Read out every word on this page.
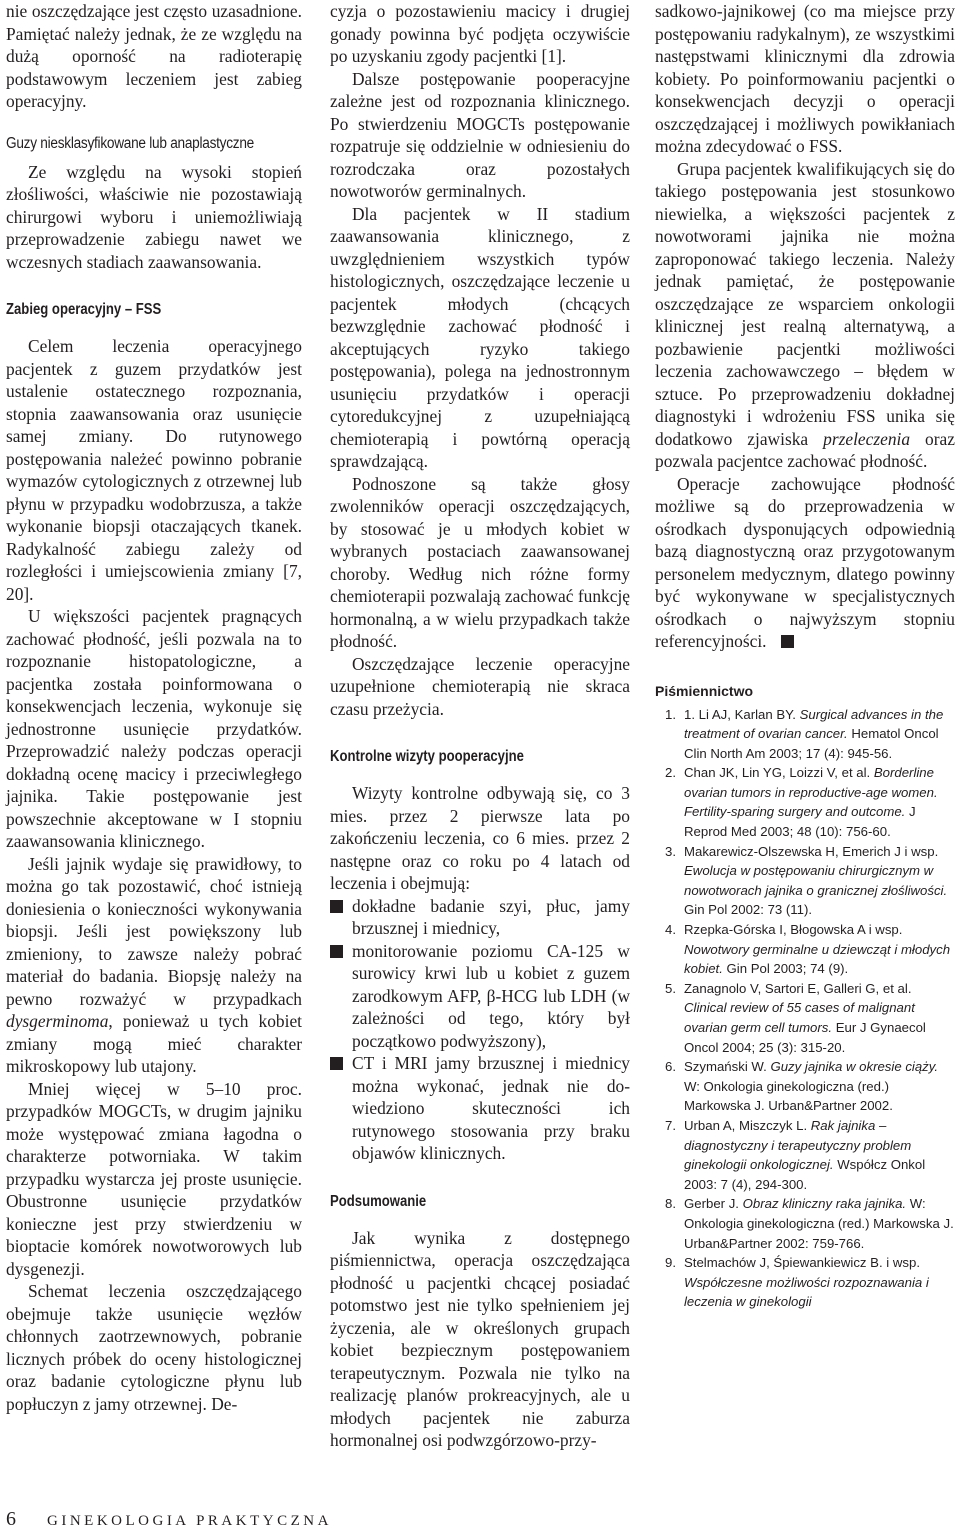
nie oszczędzające jest często uzasadnione. Pamiętać należy jednak, że ze względu na dużą oporność na radioterapię podstawowym leczeniem jest zabieg operacyjny.

Guzy niesklasyfikowane lub anaplastyczne

Ze względu na wysoki stopień złośliwości, właściwie nie pozostawiają chirurgowi wyboru i uniemożliwiają przeprowadzenie zabiegu nawet we wczesnych stadiach zaawansowania.

Zabieg operacyjny – FSS

Celem leczenia operacyjnego pacjentek z guzem przydatków jest ustalenie ostatecznego rozpoznania, stopnia zaawansowania oraz usunięcie samej zmiany. Do rutynowego postępowania należeć powinno pobranie wymazów cytologicznych z otrzewnej lub płynu w przypadku wodobrzusza, a także wykonanie biopsji otaczających tkanek. Radykalność zabiegu zależy od rozległości i umiejscowienia zmiany [7, 20].

U większości pacjentek pragnących zachować płodność, jeśli pozwala na to rozpoznanie histopatologiczne, a pacjentka została poinformowana o konsekwencjach leczenia, wykonuje się jednostronne usunięcie przydatków. Przeprowadzić należy podczas operacji dokładną ocenę macicy i przeciwległego jajnika. Takie postępowanie jest powszechnie akceptowane w I stopniu zaawansowania klinicznego.

Jeśli jajnik wydaje się prawidłowy, to można go tak pozostawić, choć istnieją doniesienia o konieczności wykonywania biopsji. Jeśli jest powiększony lub zmieniony, to zawsze należy pobrać materiał do badania. Biopsję należy na pewno rozważyć w przypadkach dysgerminoma, ponieważ u tych kobiet zmiany mogą mieć charakter mikroskopowy lub utajony.

Mniej więcej w 5–10 proc. przypadków MOGCTs, w drugim jajniku może występować zmiana łagodna o charakterze potworniaka. W takim przypadku wystarcza jej proste usunięcie. Obustronne usunięcie przydatków konieczne jest przy stwierdzeniu w bioptacie komórek nowotworowych lub dysgenezji.

Schemat leczenia oszczędzającego obejmuje także usunięcie węzłów chłonnych zaotrzewnowych, pobranie licznych próbek do oceny histologicznej oraz badanie cytologiczne płynu lub popłuczyn z jamy otrzewnej. De-

cyzja o pozostawieniu macicy i drugiej gonady powinna być podjęta oczywiście po uzyskaniu zgody pacjentki [1].

Dalsze postępowanie pooperacyjne zależne jest od rozpoznania klinicznego. Po stwierdzeniu MOGCTs postępowanie rozpatruje się oddzielnie w odniesieniu do rozrodczaka oraz pozostałych nowotworów germinalnych.

Dla pacjentek w II stadium zaawansowania klinicznego, z uwzględnieniem wszystkich typów histologicznych, oszczędzające leczenie u pacjentek młodych (chcących bezwzględnie zachować płodność i akceptujących ryzyko takiego postępowania), polega na jednostronnym usunięciu przydatków i operacji cytoredukcyjnej z uzupełniającą chemioterapią i powtórną operacją sprawdzającą.

Podnoszone są także głosy zwolenników operacji oszczędzających, by stosować je u młodych kobiet w wybranych postaciach zaawansowanej choroby. Według nich różne formy chemioterapii pozwalają zachować funkcję hormonalną, a w wielu przypadkach także płodność.

Oszczędzające leczenie operacyjne uzupełnione chemioterapią nie skraca czasu przeżycia.

Kontrolne wizyty pooperacyjne

Wizyty kontrolne odbywają się, co 3 mies. przez 2 pierwsze lata po zakończeniu leczenia, co 6 mies. przez 2 następne oraz co roku po 4 latach od leczenia i obejmują:

dokładne badanie szyi, płuc, jamy brzusznej i miednicy,
monitorowanie poziomu CA-125 w surowicy krwi lub u kobiet z guzem zarodkowym AFP, β-HCG lub LDH (w zależności od tego, który był początkowo podwyższony),
CT i MRI jamy brzusznej i miednicy można wykonać, jednak nie do-wiedziono skuteczności ich rutynowego stosowania przy braku objawów klinicznych.
Podsumowanie

Jak wynika z dostępnego piśmiennictwa, operacja oszczędzająca płodność u pacjentki chcącej posiadać potomstwo jest nie tylko spełnieniem jej życzenia, ale w określonych grupach kobiet bezpiecznym postępowaniem terapeutycznym. Pozwala nie tylko na realizację planów prokreacyjnych, ale u młodych pacjentek nie zaburza hormonalnej osi podwzgórzowo-przy-

sadkowo-jajnikowej (co ma miejsce przy postępowaniu radykalnym), ze wszystkimi następstwami klinicznymi dla zdrowia kobiety. Po poinformowaniu pacjentki o konsekwencjach decyzji o operacji oszczędzającej i możliwych powikłaniach można zdecydować o FSS.

Grupa pacjentek kwalifikujących się do takiego postępowania jest stosunkowo niewielka, a większości pacjentek z nowotworami jajnika nie można zaproponować takiego leczenia. Należy jednak pamiętać, że postępowanie oszczędzające ze wsparciem onkologii klinicznej jest realną alternatywą, a pozbawienie pacjentki możliwości leczenia zachowawczego – błędem w sztuce. Po przeprowadzeniu dokładnej diagnostyki i wdrożeniu FSS unika się dodatkowo zjawiska przeleczenia oraz pozwala pacjentce zachować płodność.

Operacje zachowujące płodność możliwe są do przeprowadzenia w ośrodkach dysponujących odpowiednią bazą diagnostyczną oraz przygotowanym personelem medycznym, dlatego powinny być wykonywane w specjalistycznych ośrodkach o najwyższym stopniu referencyjności.

Piśmiennictwo
1. 1. Li AJ, Karlan BY. Surgical advances in the treatment of ovarian cancer. Hematol Oncol Clin North Am 2003; 17 (4): 945-56.
2. Chan JK, Lin YG, Loizzi V, et al. Borderline ovarian tumors in reproductive-age women. Fertility-sparing surgery and outcome. J Reprod Med 2003; 48 (10): 756-60.
3. Makarewicz-Olszewska H, Emerich J i wsp. Ewolucja w postępowaniu chirurgicznym w nowotworach jajnika o granicznej złośliwości. Gin Pol 2002: 73 (11).
4. Rzepka-Górska I, Błogowska A i wsp. Nowotwory germinalne u dziewcząt i młodych kobiet. Gin Pol 2003; 74 (9).
5. Zanagnolo V, Sartori E, Galleri G, et al. Clinical review of 55 cases of malignant ovarian germ cell tumors. Eur J Gynaecol Oncol 2004; 25 (3): 315-20.
6. Szymański W. Guzy jajnika w okresie ciąży. W: Onkologia ginekologiczna (red.) Markowska J. Urban&Partner 2002.
7. Urban A, Miszczyk L. Rak jajnika – diagnostyczny i terapeutyczny problem ginekologii onkologicznej. Współcz Onkol 2003: 7 (4), 294-300.
8. Gerber J. Obraz kliniczny raka jajnika. W: Onkologia ginekologiczna (red.) Markowska J. Urban&Partner 2002: 759-766.
9. Stelmachów J, Śpiewankiewicz B. i wsp. Współczesne możliwości rozpoznawania i leczenia w ginekologii
6 GINEKOLOGIA PRAKTYCZNA
